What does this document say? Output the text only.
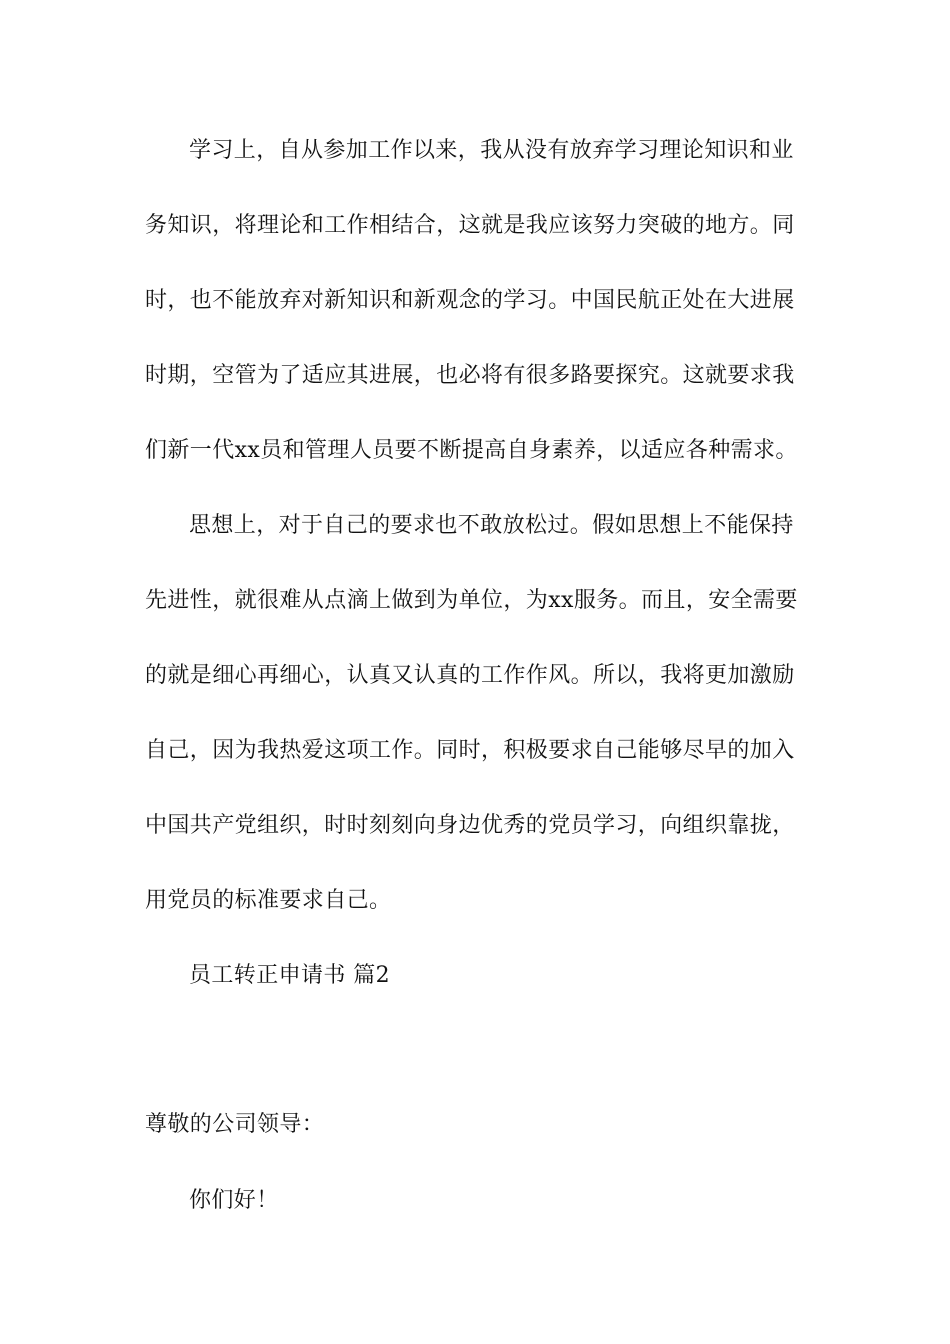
学习上，自从参加工作以来，我从没有放弃学习理论知识和业
务知识，将理论和工作相结合，这就是我应该努力突破的地方。同
时，也不能放弃对新知识和新观念的学习。中国民航正处在大进展
时期，空管为了适应其进展，也必将有很多路要探究。这就要求我
们新一代xx员和管理人员要不断提高自身素养，以适应各种需求。
思想上，对于自己的要求也不敢放松过。假如思想上不能保持
先进性，就很难从点滴上做到为单位，为xx服务。而且，安全需要
的就是细心再细心，认真又认真的工作作风。所以，我将更加激励
自己，因为我热爱这项工作。同时，积极要求自己能够尽早的加入
中国共产党组织，时时刻刻向身边优秀的党员学习，向组织靠拢，
用党员的标准要求自己。
员工转正申请书 篇2
尊敬的公司领导：
你们好！
